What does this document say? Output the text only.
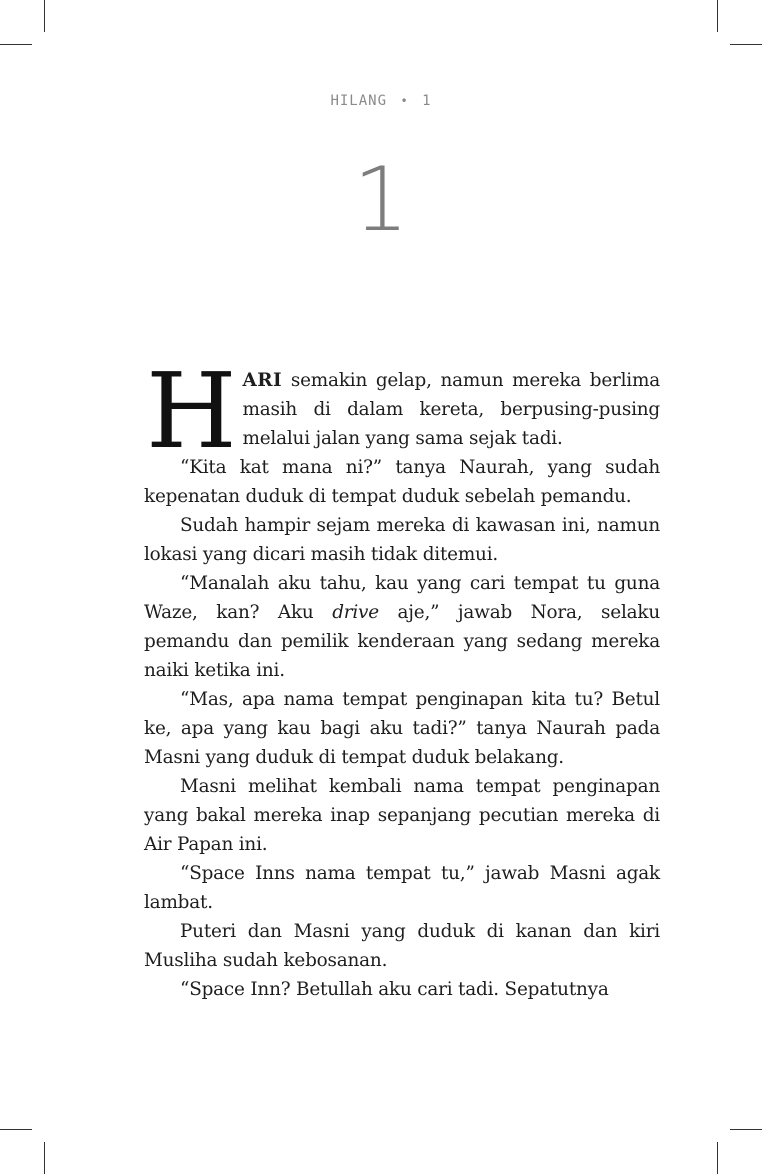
HILANG • 1
1

HARI semakin gelap, namun mereka berlima masih di dalam kereta, berpusing-pusing melalui jalan yang sama sejak tadi.

“Kita kat mana ni?” tanya Naurah, yang sudah kepenatan duduk di tempat duduk sebelah pemandu.

Sudah hampir sejam mereka di kawasan ini, namun lokasi yang dicari masih tidak ditemui.

“Manalah aku tahu, kau yang cari tempat tu guna Waze, kan? Aku drive aje,” jawab Nora, selaku pemandu dan pemilik kenderaan yang sedang mereka naiki ketika ini.

“Mas, apa nama tempat penginapan kita tu? Betul ke, apa yang kau bagi aku tadi?” tanya Naurah pada Masni yang duduk di tempat duduk belakang.

Masni melihat kembali nama tempat penginapan yang bakal mereka inap sepanjang pecutian mereka di Air Papan ini.

“Space Inns nama tempat tu,” jawab Masni agak lambat.

Puteri dan Masni yang duduk di kanan dan kiri Musliha sudah kebosanan.

“Space Inn? Betullah aku cari tadi. Sepatutnya
